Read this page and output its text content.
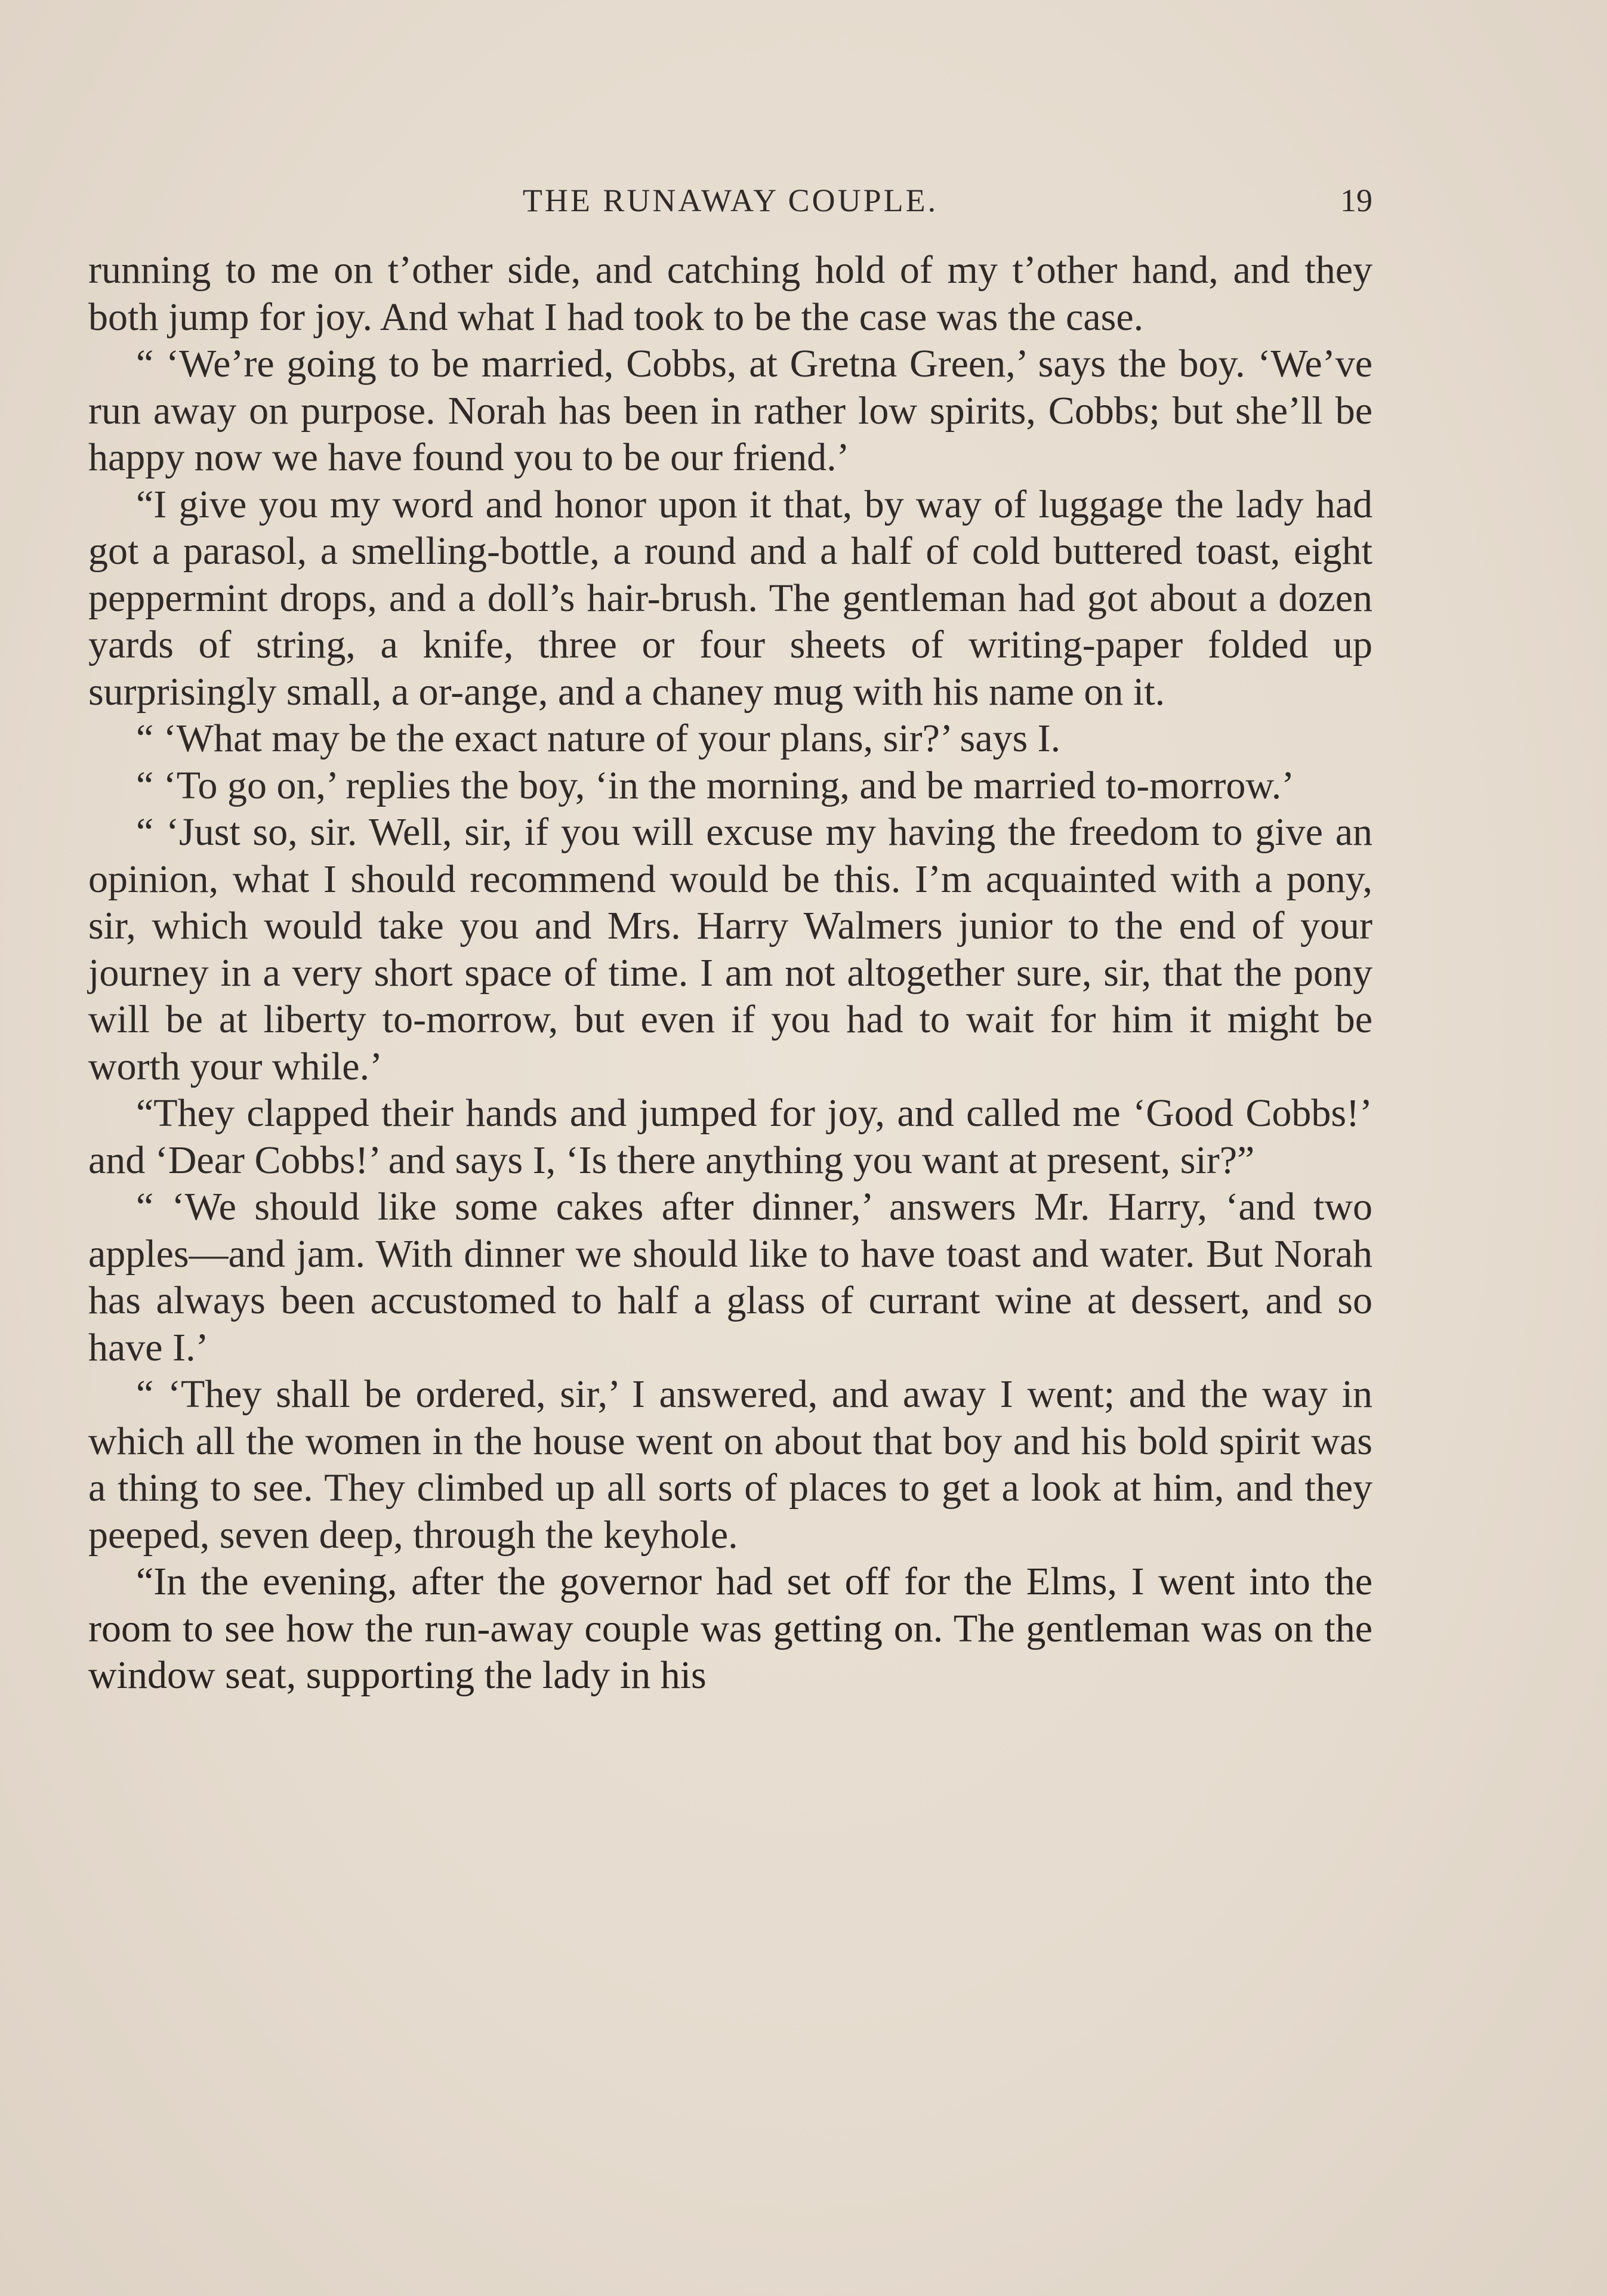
THE RUNAWAY COUPLE.	19

running to me on t’other side, and catching hold of my t’other hand, and they both jump for joy. And what I had took to be the case was the case.

“ ‘We’re going to be married, Cobbs, at Gretna Green,’ says the boy. ‘We’ve run away on purpose. Norah has been in rather low spirits, Cobbs; but she’ll be happy now we have found you to be our friend.’

“I give you my word and honor upon it that, by way of luggage the lady had got a parasol, a smelling-bottle, a round and a half of cold buttered toast, eight peppermint drops, and a doll’s hair-brush. The gentleman had got about a dozen yards of string, a knife, three or four sheets of writing-paper folded up surprisingly small, a or-ange, and a chaney mug with his name on it.

“ ‘What may be the exact nature of your plans, sir?’ says I.

“ ‘To go on,’ replies the boy, ‘in the morning, and be married to-morrow.’

“ ‘Just so, sir. Well, sir, if you will excuse my having the freedom to give an opinion, what I should recommend would be this. I’m acquainted with a pony, sir, which would take you and Mrs. Harry Walmers junior to the end of your journey in a very short space of time. I am not altogether sure, sir, that the pony will be at liberty to-morrow, but even if you had to wait for him it might be worth your while.’

“They clapped their hands and jumped for joy, and called me ‘Good Cobbs!’ and ‘Dear Cobbs!’ and says I, ‘Is there anything you want at present, sir?”

“ ‘We should like some cakes after dinner,’ answers Mr. Harry, ‘and two apples—and jam. With dinner we should like to have toast and water. But Norah has always been accustomed to half a glass of currant wine at dessert, and so have I.’

“ ‘They shall be ordered, sir,’ I answered, and away I went; and the way in which all the women in the house went on about that boy and his bold spirit was a thing to see. They climbed up all sorts of places to get a look at him, and they peeped, seven deep, through the keyhole.

“In the evening, after the governor had set off for the Elms, I went into the room to see how the run-away couple was getting on. The gentleman was on the window seat, supporting the lady in his
